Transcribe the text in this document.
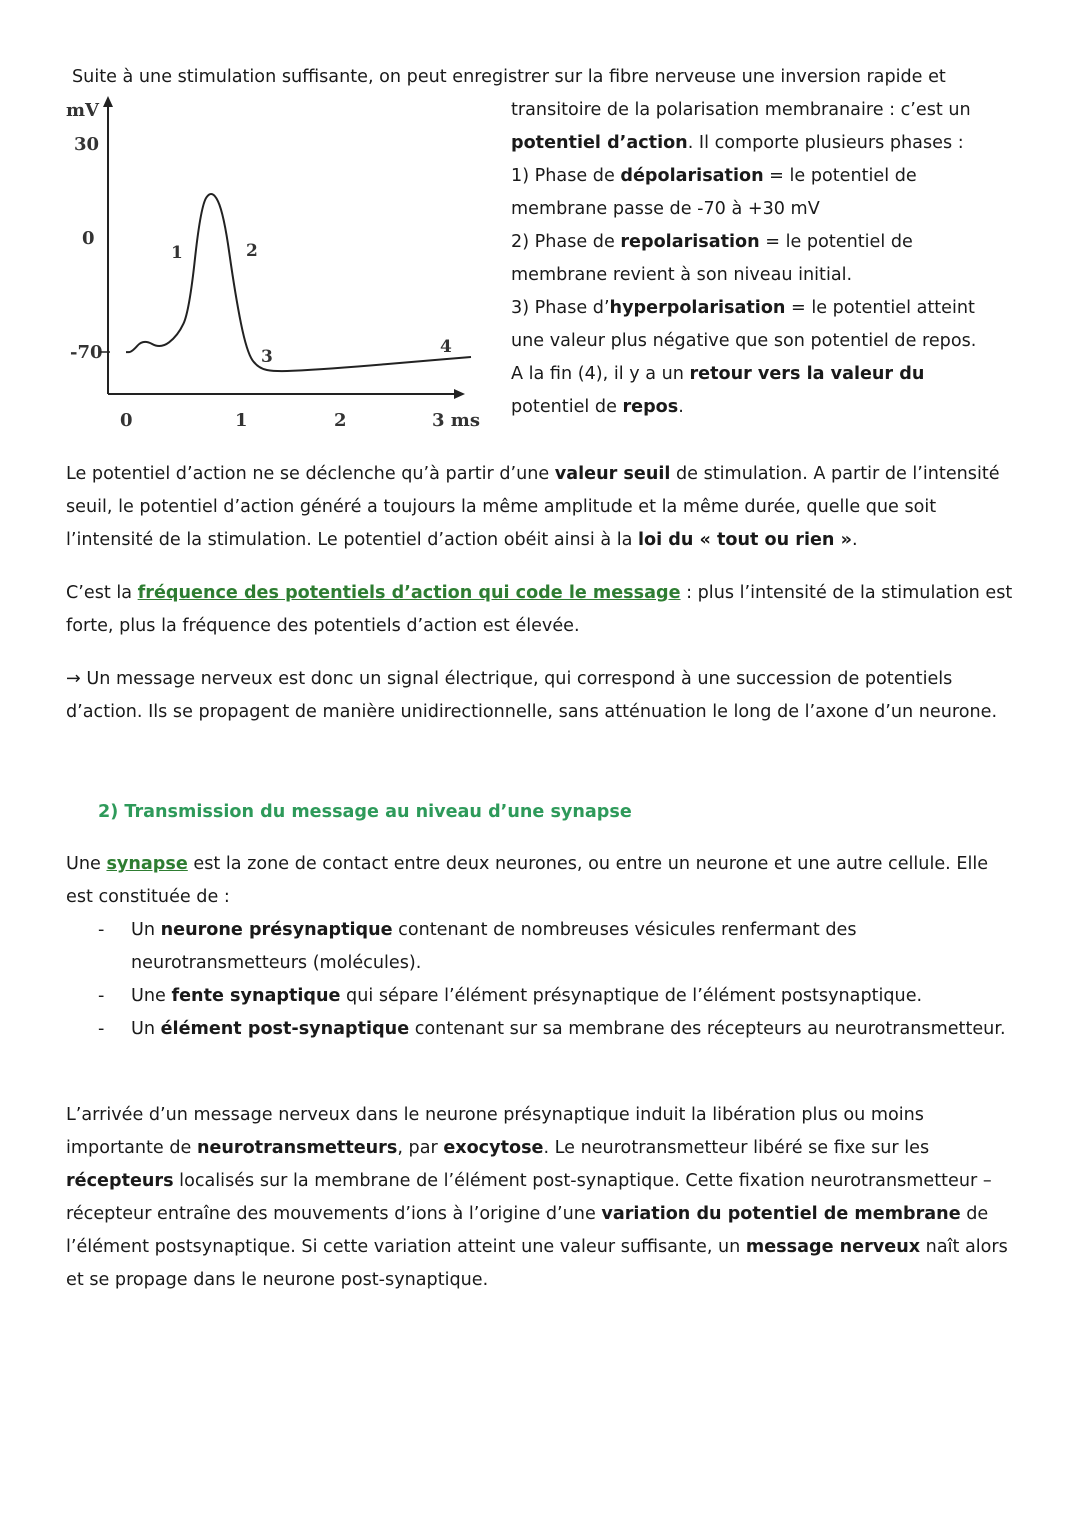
Suite à une stimulation suffisante, on peut enregistrer sur la fibre nerveuse une inversion rapide et

mV
30
0
-70
1	2
3	4
0	1	2	3 ms
transitoire de la polarisation membranaire : c’est un
potentiel d’action. Il comporte plusieurs phases :
1) Phase de dépolarisation = le potentiel de
membrane passe de -70 à +30 mV
2) Phase de repolarisation = le potentiel de
membrane revient à son niveau initial.
3) Phase d’hyperpolarisation = le potentiel atteint
une valeur plus négative que son potentiel de repos.
A la fin (4), il y a un retour vers la valeur du
potentiel de repos.

Le potentiel d’action ne se déclenche qu’à partir d’une valeur seuil de stimulation. A partir de l’intensité seuil, le potentiel d’action généré a toujours la même amplitude et la même durée, quelle que soit l’intensité de la stimulation. Le potentiel d’action obéit ainsi à la loi du « tout ou rien ».

C’est la fréquence des potentiels d’action qui code le message : plus l’intensité de la stimulation est forte, plus la fréquence des potentiels d’action est élevée.

→ Un message nerveux est donc un signal électrique, qui correspond à une succession de potentiels d’action. Ils se propagent de manière unidirectionnelle, sans atténuation le long de l’axone d’un neurone.

2) Transmission du message au niveau d’une synapse

Une synapse est la zone de contact entre deux neurones, ou entre un neurone et une autre cellule. Elle est constituée de :

- Un neurone présynaptique contenant de nombreuses vésicules renfermant des neurotransmetteurs (molécules).
- Une fente synaptique qui sépare l’élément présynaptique de l’élément postsynaptique.
- Un élément post-synaptique contenant sur sa membrane des récepteurs au neurotransmetteur.

L’arrivée d’un message nerveux dans le neurone présynaptique induit la libération plus ou moins importante de neurotransmetteurs, par exocytose. Le neurotransmetteur libéré se fixe sur les récepteurs localisés sur la membrane de l’élément post-synaptique. Cette fixation neurotransmetteur – récepteur entraîne des mouvements d’ions à l’origine d’une variation du potentiel de membrane de l’élément postsynaptique. Si cette variation atteint une valeur suffisante, un message nerveux naît alors et se propage dans le neurone post-synaptique.
